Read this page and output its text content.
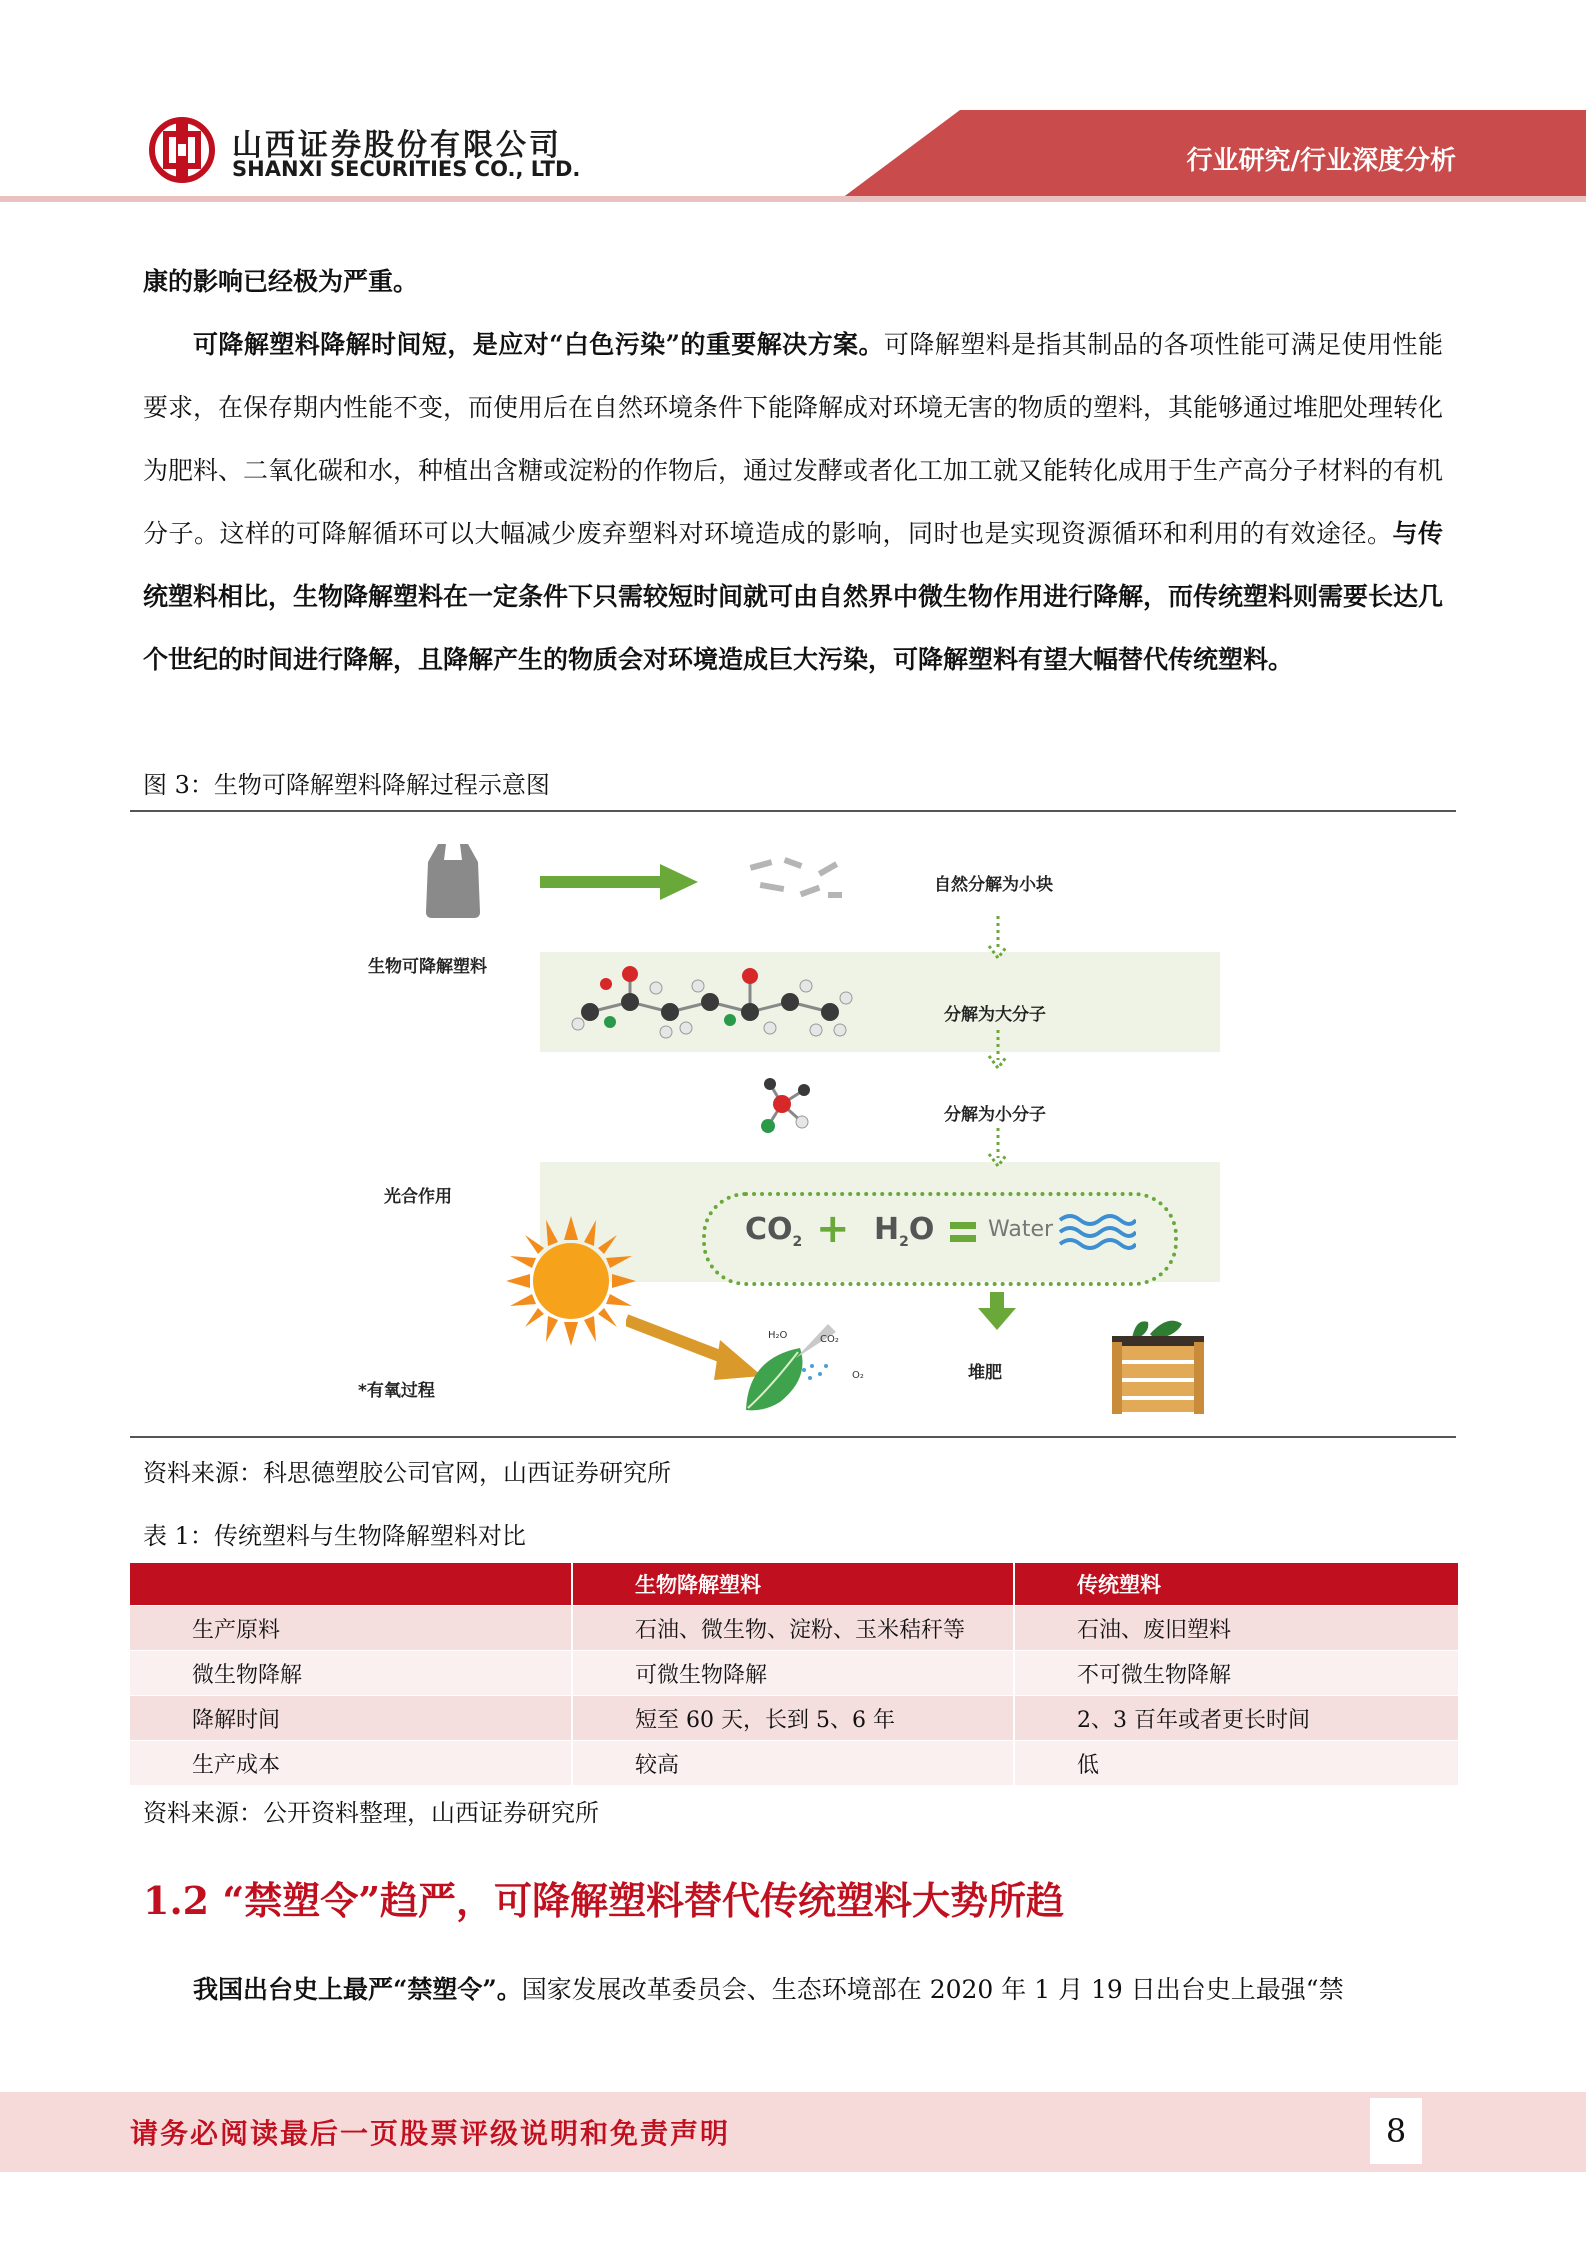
山西证券股份有限公司
SHANXI SECURITIES CO., LTD.	行业研究/行业深度分析
康的影响已经极为严重。
可降解塑料降解时间短，是应对“白色污染”的重要解决方案。可降解塑料是指其制品的各项性能可满足使用性能要求，在保存期内性能不变，而使用后在自然环境条件下能降解成对环境无害的物质的塑料，其能够通过堆肥处理转化为肥料、二氧化碳和水，种植出含糖或淀粉的作物后，通过发酵或者化工加工就又能转化成用于生产高分子材料的有机分子。这样的可降解循环可以大幅减少废弃塑料对环境造成的影响，同时也是实现资源循环和利用的有效途径。与传统塑料相比，生物降解塑料在一定条件下只需较短时间就可由自然界中微生物作用进行降解，而传统塑料则需要长达几个世纪的时间进行降解，且降解产生的物质会对环境造成巨大污染，可降解塑料有望大幅替代传统塑料。
图 3：生物可降解塑料降解过程示意图
生物可降解塑料
自然分解为小块
分解为大分子
分解为小分子
光合作用
$CO_2 + H_2O$ Water
堆肥
H₂O	CO₂
O₂
*有氧过程
资料来源：科思德塑胶公司官网，山西证券研究所
表 1：传统塑料与生物降解塑料对比
	生物降解塑料	传统塑料
生产原料	石油、微生物、淀粉、玉米秸秆等	石油、废旧塑料
微生物降解	可微生物降解	不可微生物降解
降解时间	短至 60 天，长到 5、6 年	2、3 百年或者更长时间
生产成本	较高	低
资料来源：公开资料整理，山西证券研究所
1.2 “禁塑令”趋严，可降解塑料替代传统塑料大势所趋
我国出台史上最严“禁塑令”。国家发展改革委员会、生态环境部在 2020 年 1 月 19 日出台史上最强“禁
请务必阅读最后一页股票评级说明和免责声明	8
